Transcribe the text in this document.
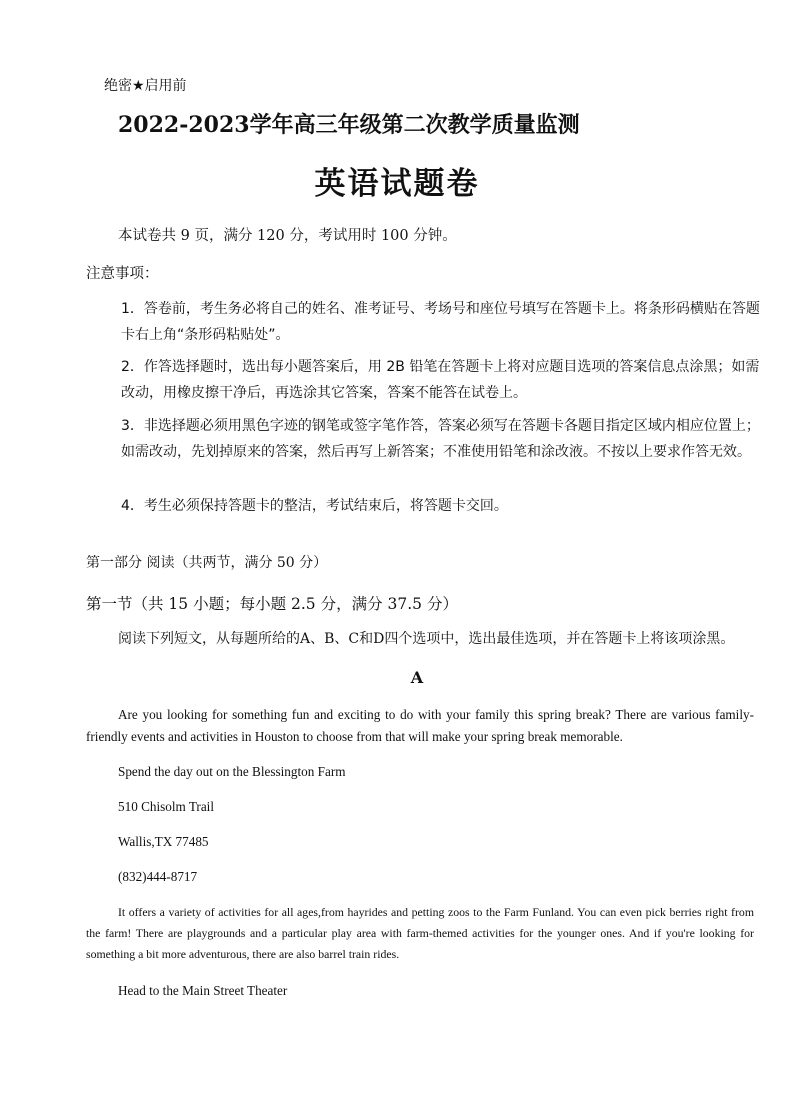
绝密★启用前
2022-2023学年高三年级第二次教学质量监测
英语试题卷
本试卷共 9 页，满分 120 分，考试用时 100 分钟。
注意事项：
1．答卷前，考生务必将自己的姓名、准考证号、考场号和座位号填写在答题卡上。将条形码横贴在答题卡右上角“条形码粘贴处”。
2．作答选择题时，选出每小题答案后，用 2B 铅笔在答题卡上将对应题目选项的答案信息点涂黑；如需改动，用橡皮擦干净后，再选涂其它答案，答案不能答在试卷上。
3．非选择题必须用黑色字迹的钢笔或签字笔作答，答案必须写在答题卡各题目指定区域内相应位置上；如需改动，先划掉原来的答案，然后再写上新答案；不准使用铅笔和涂改液。不按以上要求作答无效。
4．考生必须保持答题卡的整洁，考试结束后，将答题卡交回。
第一部分 阅读（共两节，满分 50 分）
第一节（共 15 小题；每小题 2.5 分，满分 37.5 分）
阅读下列短文，从每题所给的A、B、C和D四个选项中，选出最佳选项，并在答题卡上将该项涂黑。
A
Are you looking for something fun and exciting to do with your family this spring break? There are various family-friendly events and activities in Houston to choose from that will make your spring break memorable.
Spend the day out on the Blessington Farm
510 Chisolm Trail
Wallis,TX 77485
(832)444-8717
It offers a variety of activities for all ages,from hayrides and petting zoos to the Farm Funland. You can even pick berries right from the farm! There are playgrounds and a particular play area with farm-themed activities for the younger ones. And if you're looking for something a bit more adventurous, there are also barrel train rides.
Head to the Main Street Theater
